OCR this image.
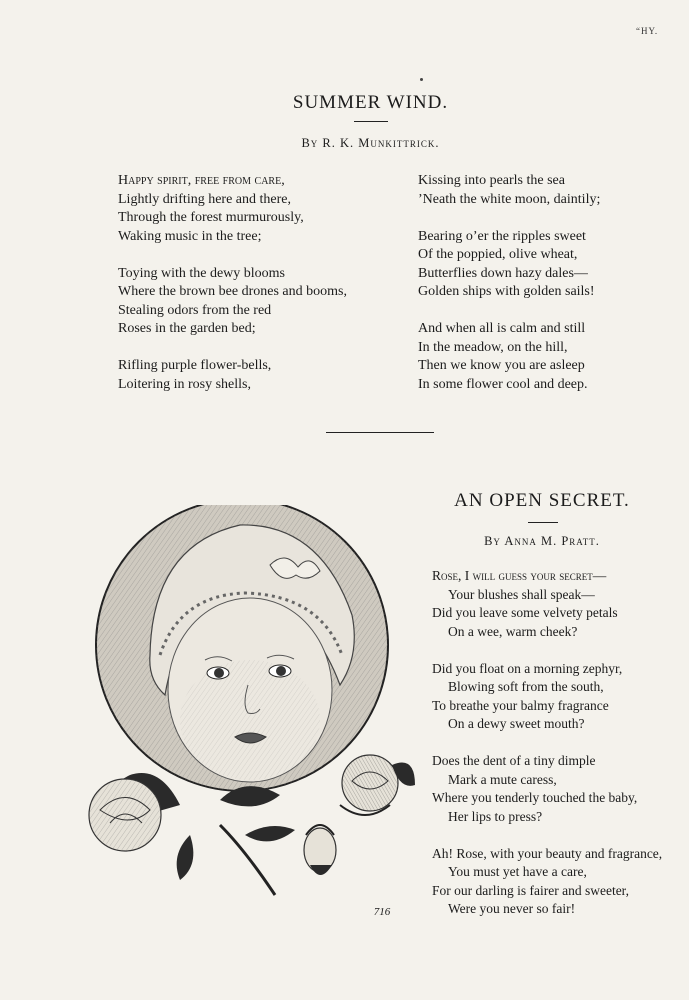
“HY.
SUMMER WIND.

By R. K. Munkittrick.

Happy spirit, free from care,
Lightly drifting here and there,
Through the forest murmurously,
Waking music in the tree;
Toying with the dewy blooms
Where the brown bee drones and booms,
Stealing odors from the red
Roses in the garden bed;
Rifling purple flower-bells,
Loitering in rosy shells,
Kissing into pearls the sea
’Neath the white moon, daintily;
Bearing o’er the ripples sweet
Of the poppied, olive wheat,
Butterflies down hazy dales—
Golden ships with golden sails!
And when all is calm and still
In the meadow, on the hill,
Then we know you are asleep
In some flower cool and deep.
AN OPEN SECRET.

By Anna M. Pratt.

Rose, I will guess your secret—
Your blushes shall speak—
Did you leave some velvety petals
On a wee, warm cheek?
Did you float on a morning zephyr,
Blowing soft from the south,
To breathe your balmy fragrance
On a dewy sweet mouth?
Does the dent of a tiny dimple
Mark a mute caress,
Where you tenderly touched the baby,
Her lips to press?
Ah! Rose, with your beauty and fragrance,
You must yet have a care,
For our darling is fairer and sweeter,
Were you never so fair!
716
